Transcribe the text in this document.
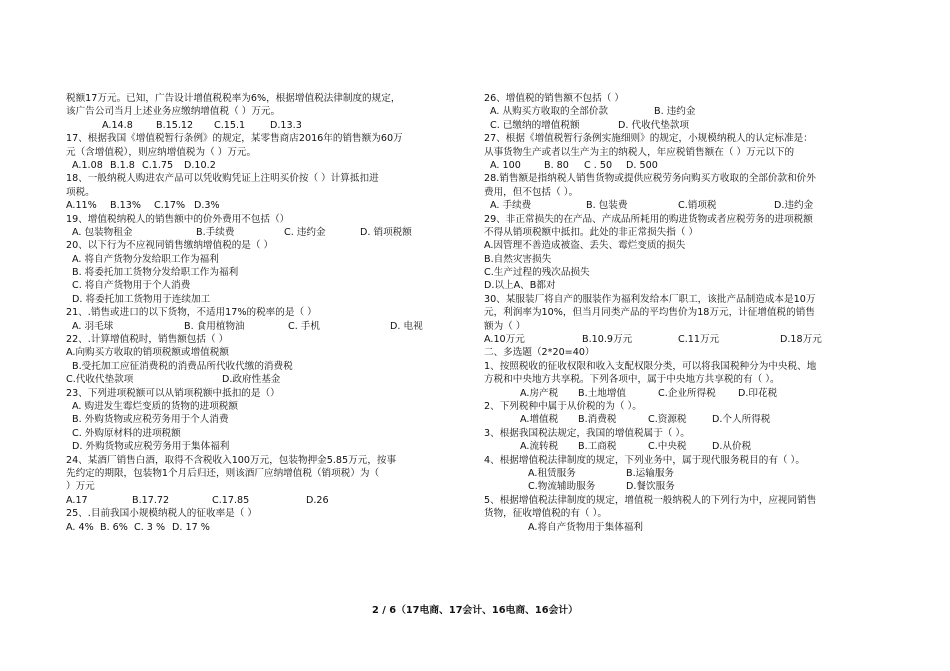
税额17万元。已知，广告设计增值税税率为6%，根据增值税法律制度的规定，
该广告公司当月上述业务应缴纳增值税（ ）万元。
A.14.8	B.15.12	C.15.1	D.13.3
17、根据我国《增值税暂行条例》的规定，某零售商店2016年的销售额为60万
元（含增值税），则应纳增值税为（ ）万元。
A.1.08 B.1.8 C.1.75	D.10.2
18、一般纳税人购进农产品可以凭收购凭证上注明买价按（ ）计算抵扣进
项税。
A.11%	B.13%	C.17% D.3%
19、增值税纳税人的销售额中的价外费用不包括（）
A. 包装物租金	B.手续费	C. 违约金	D. 销项税额
20、以下行为不应视同销售缴纳增值税的是（ ）
A. 将自产货物分发给职工作为福利
B. 将委托加工货物分发给职工作为福利
C. 将自产货物用于个人消费
D. 将委托加工货物用于连续加工
21、.销售或进口的以下货物，不适用17%的税率的是（ ）
A. 羽毛球	B. 食用植物油	C. 手机	D. 电视
22、.计算增值税时，销售额包括（ ）
A.向购买方收取的销项税额或增值税额
B.受托加工应征消费税的消费品所代收代缴的消费税
C.代收代垫款项	D.政府性基金
23、下列进项税额可以从销项税额中抵扣的是（）
A. 购进发生霉烂变质的货物的进项税额
B. 外购货物或应税劳务用于个人消费
C. 外购原材料的进项税额
D. 外购货物或应税劳务用于集体福利
24、某酒厂销售白酒，取得不含税收入100万元，包装物押金5.85万元，按事
先约定的期限，包装物1个月后归还，则该酒厂应纳增值税（销项税）为（
）万元
A.17	B.17.72	C.17.85	D.26
25、.目前我国小规模纳税人的征收率是（ ）
A. 4% B. 6% C. 3 % D. 17 %
26、增值税的销售额不包括（ ）
A. 从购买方收取的全部价款	B. 违约金
C. 已缴纳的增值税额	D. 代收代垫款项
27、根据《增值税暂行条例实施细则》的规定，小规模纳税人的认定标准是：
从事货物生产或者以生产为主的纳税人，年应税销售额在（ ）万元以下的
A. 100	B. 80	C . 50	D. 500
28.销售额是指纳税人销售货物或提供应税劳务向购买方收取的全部价款和价外
费用，但不包括（ ）。
A. 手续费	B. 包装费	C.销项税	D.违约金
29、非正常损失的在产品、产成品所耗用的购进货物或者应税劳务的进项税额
不得从销项税额中抵扣。此处的非正常损失指（ ）
A.因管理不善造成被盗、丢失、霉烂变质的损失
B.自然灾害损失
C.生产过程的残次品损失
D.以上A、B都对
30、某服装厂将自产的服装作为福利发给本厂职工，该批产品制造成本是10万
元，利润率为10%，但当月同类产品的平均售价为18万元，计征增值税的销售
额为（ ）
A.10万元	B.10.9万元	C.11万元	D.18万元
二、多选题（2*20=40）
1、按照税收的征收权限和收入支配权限分类，可以将我国税种分为中央税、地
方税和中央地方共享税。下列各项中，属于中央地方共享税的有（ ）。
A.房产税	B.土地增值	C.企业所得税	D.印花税
2、下列税种中属于从价税的为（ ）。
A.增值税	B.消费税	C.资源税	D.个人所得税
3、根据我国税法规定，我国的增值税属于（ ）。
A.流转税	B.工商税	C.中央税	D.从价税
4、根据增值税法律制度的规定，下列业务中，属于现代服务税目的有（ ）。
A.租赁服务	B.运输服务
C.物流辅助服务	D.餐饮服务
5、根据增值税法律制度的规定，增值税一般纳税人的下列行为中，应视同销售
货物，征收增值税的有（ ）。
A.将自产货物用于集体福利
2 / 6（17电商、17会计、16电商、16会计）
